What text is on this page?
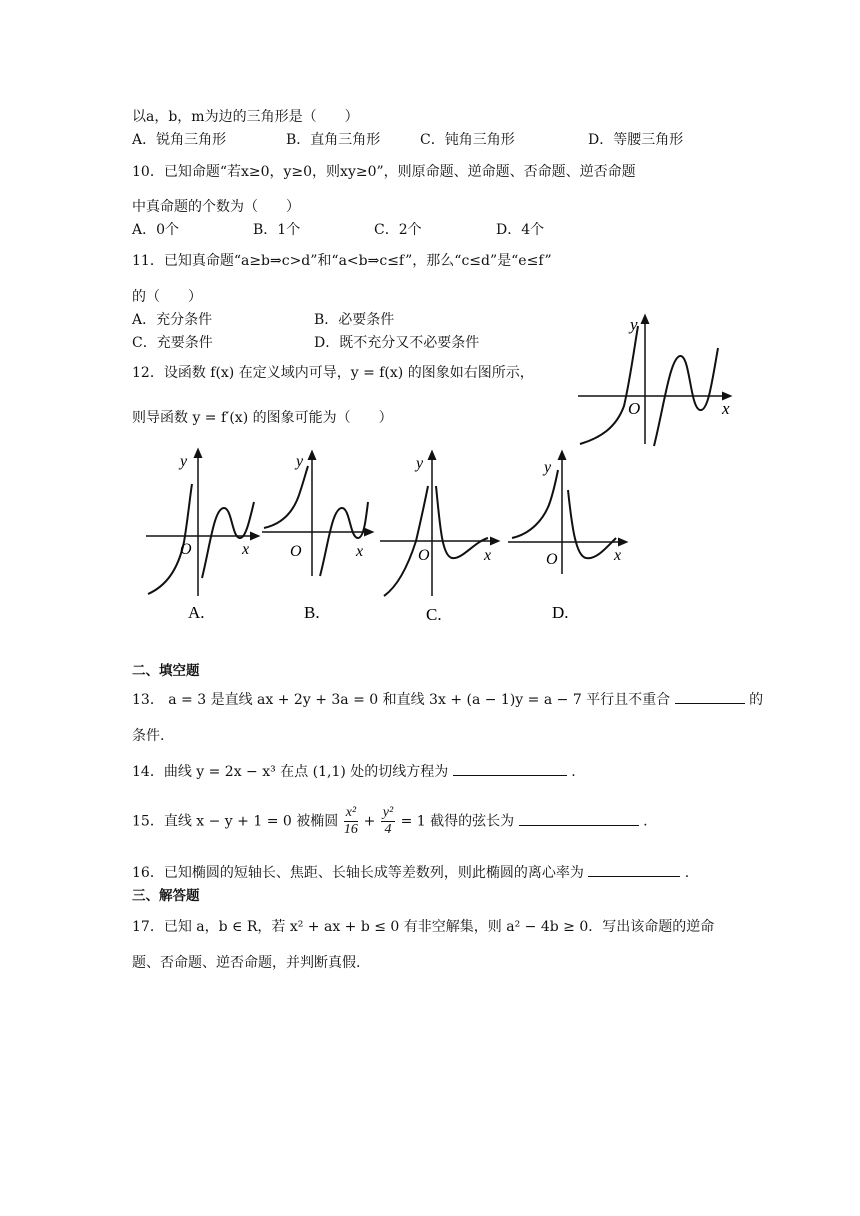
以a，b，m为边的三角形是（　　）
A．锐角三角形	B．直角三角形	C．钝角三角形	D．等腰三角形
10．已知命题“若x≥0，y≥0，则xy≥0”，则原命题、逆命题、否命题、逆否命题
中真命题的个数为（　　）
A．0个	B．1个	C．2个	D．4个
11．已知真命题“a≥b⇒c>d”和“a<b⇒c≤f”，那么“c≤d”是“e≤f”
的（　　）
A．充分条件	B．必要条件
C．充要条件	D．既不充分又不必要条件
12．设函数 f(x) 在定义域内可导，y = f(x) 的图象如右图所示，
则导函数 y = f′(x) 的图象可能为（　　）
y
x
O
y
x
O
A.
y
x
O
B.
y
x
O
C.
y
x
O
D.
二、填空题
13． a = 3 是直线 ax + 2y + 3a = 0 和直线 3x + (a − 1)y = a − 7 平行且不重合	的
条件.
14．曲线 y = 2x − x³ 在点 (1,1) 处的切线方程为	.
15．直线 x − y + 1 = 0 被椭圆 $\frac{\text{x²}}{16} + \frac{\text{y²}}{4} = 1$ 截得的弦长为	.
16．已知椭圆的短轴长、焦距、长轴长成等差数列，则此椭圆的离心率为	.
三、解答题
17．已知 a，b ∈ R，若 x² + ax + b ≤ 0 有非空解集，则 a² − 4b ≥ 0．写出该命题的逆命
题、否命题、逆否命题，并判断真假.
